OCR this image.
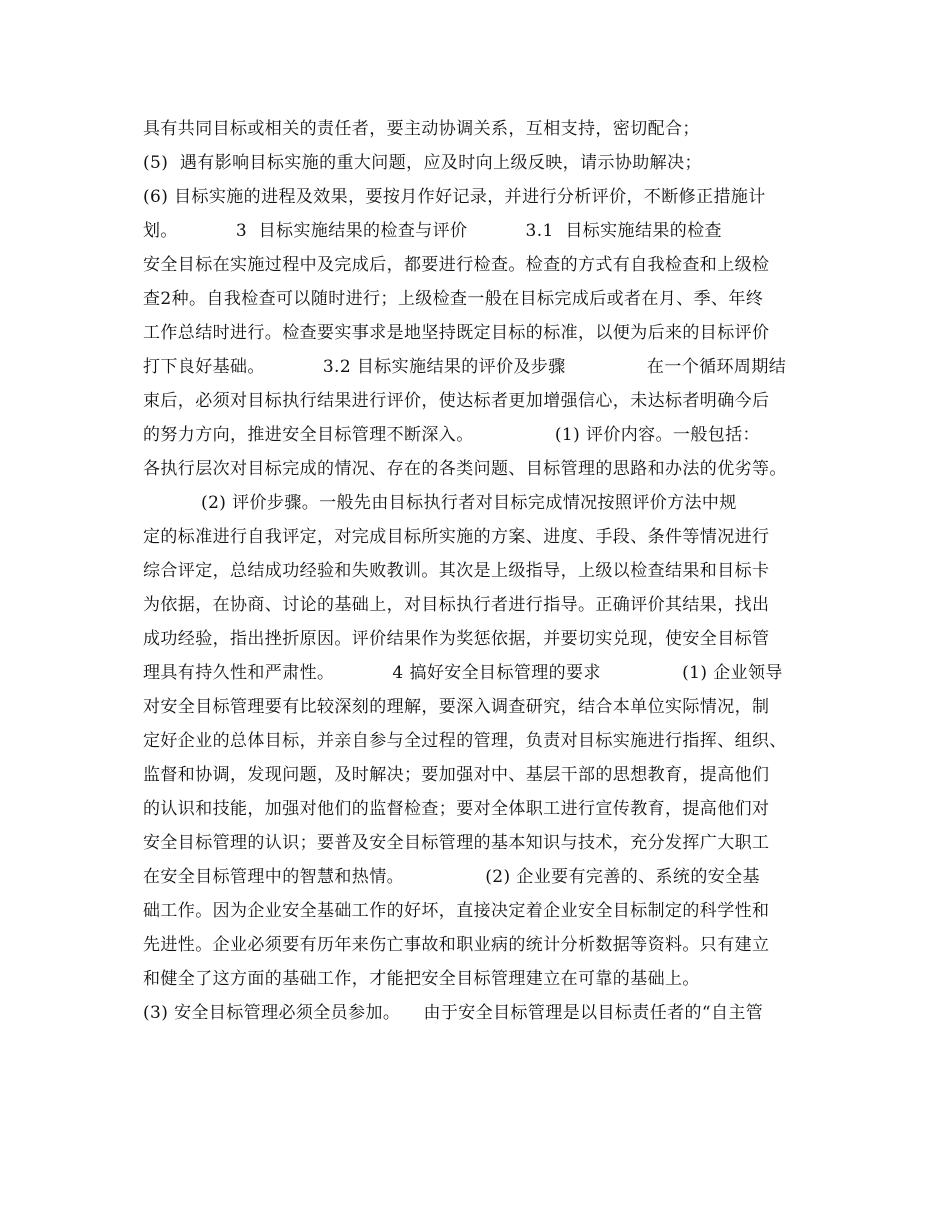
具有共同目标或相关的责任者，要主动协调关系，互相支持，密切配合；
(5)  遇有影响目标实施的重大问题，应及时向上级反映，请示协助解决；
(6) 目标实施的进程及效果，要按月作好记录，并进行分析评价，不断修正措施计
划。          3  目标实施结果的检查与评价          3.1  目标实施结果的检查
安全目标在实施过程中及完成后，都要进行检查。检查的方式有自我检查和上级检
查2种。自我检查可以随时进行；上级检查一般在目标完成后或者在月、季、年终
工作总结时进行。检查要实事求是地坚持既定目标的标准，以便为后来的目标评价
打下良好基础。          3.2 目标实施结果的评价及步骤              在一个循环周期结
束后，必须对目标执行结果进行评价，使达标者更加增强信心，未达标者明确今后
的努力方向，推进安全目标管理不断深入。              (1) 评价内容。一般包括：
各执行层次对目标完成的情况、存在的各类问题、目标管理的思路和办法的优劣等。
(2) 评价步骤。一般先由目标执行者对目标完成情况按照评价方法中规
定的标准进行自我评定，对完成目标所实施的方案、进度、手段、条件等情况进行
综合评定，总结成功经验和失败教训。其次是上级指导，上级以检查结果和目标卡
为依据，在协商、讨论的基础上，对目标执行者进行指导。正确评价其结果，找出
成功经验，指出挫折原因。评价结果作为奖惩依据，并要切实兑现，使安全目标管
理具有持久性和严肃性。          4 搞好安全目标管理的要求              (1) 企业领导
对安全目标管理要有比较深刻的理解，要深入调查研究，结合本单位实际情况，制
定好企业的总体目标，并亲自参与全过程的管理，负责对目标实施进行指挥、组织、
监督和协调，发现问题，及时解决；要加强对中、基层干部的思想教育，提高他们
的认识和技能，加强对他们的监督检查；要对全体职工进行宣传教育，提高他们对
安全目标管理的认识；要普及安全目标管理的基本知识与技术，充分发挥广大职工
在安全目标管理中的智慧和热情。              (2) 企业要有完善的、系统的安全基
础工作。因为企业安全基础工作的好坏，直接决定着企业安全目标制定的科学性和
先进性。企业必须要有历年来伤亡事故和职业病的统计分析数据等资料。只有建立
和健全了这方面的基础工作，才能把安全目标管理建立在可靠的基础上。
(3) 安全目标管理必须全员参加。    由于安全目标管理是以目标责任者的“自主管
